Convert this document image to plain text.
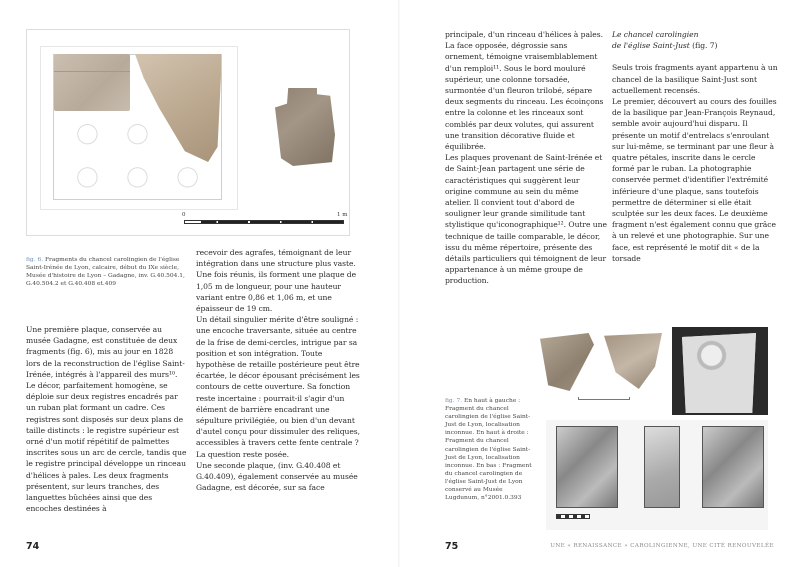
0	1 m
fig. 6. Fragments du chancel carolingien de l'église Saint-Irénée de Lyon, calcaire, début du IXe siècle, Musée d'histoire de Lyon – Gadagne, inv. G.40.504.1, G.40.504.2 et G.40.408 et.409

Une première plaque, conservée au musée Gadagne, est constituée de deux fragments (fig. 6), mis au jour en 1828 lors de la reconstruction de l'église Saint-Irénée, intégrés à l'appareil des murs¹⁰. Le décor, parfaitement homogène, se déploie sur deux registres encadrés par un ruban plat formant un cadre. Ces registres sont disposés sur deux plans de taille distincts : le registre supérieur est orné d'un motif répétitif de palmettes inscrites sous un arc de cercle, tandis que le registre principal développe un rinceau d'hélices à pales. Les deux fragments présentent, sur leurs tranches, des languettes bûchées ainsi que des encoches destinées à

recevoir des agrafes, témoignant de leur intégration dans une structure plus vaste. Une fois réunis, ils forment une plaque de 1,05 m de longueur, pour une hauteur variant entre 0,86 et 1,06 m, et une épaisseur de 19 cm.

Un détail singulier mérite d'être souligné : une encoche traversante, située au centre de la frise de demi-cercles, intrigue par sa position et son intégration. Toute hypothèse de retaille postérieure peut être écartée, le décor épousant précisément les contours de cette ouverture. Sa fonction reste incertaine : pourrait-il s'agir d'un élément de barrière encadrant une sépulture privilégiée, ou bien d'un devant d'autel conçu pour dissimuler des reliques, accessibles à travers cette fente centrale ? La question reste posée.

Une seconde plaque, (inv. G.40.408 et G.40.409), également conservée au musée Gadagne, est décorée, sur sa face

74

principale, d'un rinceau d'hélices à pales. La face opposée, dégrossie sans ornement, témoigne vraisemblablement d'un remploi¹¹. Sous le bord mouluré supérieur, une colonne torsadée, surmontée d'un fleuron trilobé, sépare deux segments du rinceau. Les écoinçons entre la colonne et les rinceaux sont comblés par deux volutes, qui assurent une transition décorative fluide et équilibrée.

Les plaques provenant de Saint-Irénée et de Saint-Jean partagent une série de caractéristiques qui suggèrent leur origine commune au sein du même atelier. Il convient tout d'abord de souligner leur grande similitude tant stylistique qu'iconographique¹². Outre une technique de taille comparable, le décor, issu du même répertoire, présente des détails particuliers qui témoignent de leur appartenance à un même groupe de production.

Le chancel carolingien
de l'église Saint-Just (fig. 7)

Seuls trois fragments ayant appartenu à un chancel de la basilique Saint-Just sont actuellement recensés.

Le premier, découvert au cours des fouilles de la basilique par Jean-François Reynaud, semble avoir aujourd'hui disparu. Il présente un motif d'entrelacs s'enroulant sur lui-même, se terminant par une fleur à quatre pétales, inscrite dans le cercle formé par le ruban. La photographie conservée permet d'identifier l'extrémité inférieure d'une plaque, sans toutefois permettre de déterminer si elle était sculptée sur les deux faces. Le deuxième fragment n'est également connu que grâce à un relevé et une photographie. Sur une face, est représenté le motif dit « de la torsade

fig. 7. En haut à gauche : Fragment du chancel carolingien de l'église Saint-Just de Lyon, localisation inconnue. En haut à droite : Fragment du chancel carolingien de l'église Saint-Just de Lyon, localisation inconnue. En bas : Fragment du chancel carolingien de l'église Saint-Just de Lyon conservé au Musée Lugdunum, n°2001.0.393
75	UNE « RENAISSANCE » CAROLINGIENNE, UNE CITÉ RENOUVELÉE
